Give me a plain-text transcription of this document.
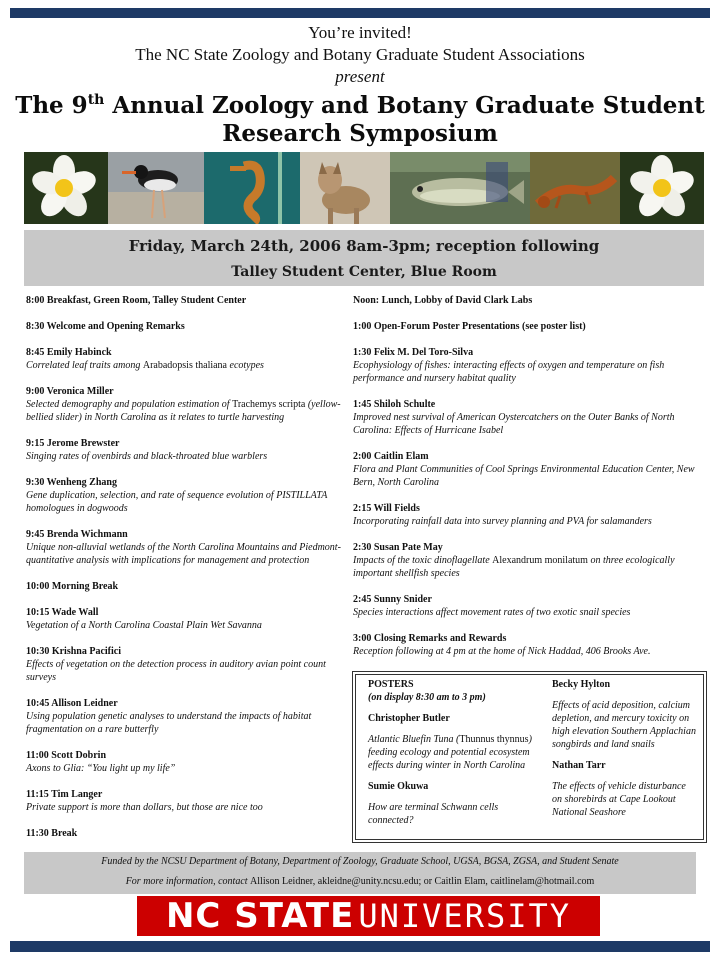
You’re invited!
The NC State Zoology and Botany Graduate Student Associations
present
The 9th Annual Zoology and Botany Graduate Student
Research Symposium
Friday, March 24th, 2006 8am-3pm; reception following
Talley Student Center, Blue Room
8:00 Breakfast, Green Room, Talley Student Center
8:30 Welcome and Opening Remarks
8:45 Emily Habinck
Correlated leaf traits among Arabadopsis thaliana ecotypes
9:00 Veronica Miller
Selected demography and population estimation of Trachemys scripta (yellow-bellied slider) in North Carolina as it relates to turtle harvesting
9:15 Jerome Brewster
Singing rates of ovenbirds and black-throated blue warblers
9:30 Wenheng Zhang
Gene duplication, selection, and rate of sequence evolution of PISTILLATA homologues in dogwoods
9:45 Brenda Wichmann
Unique non-alluvial wetlands of the North Carolina Mountains and Piedmont-quantitative analysis with implications for management and protection
10:00 Morning Break
10:15 Wade Wall
Vegetation of a North Carolina Coastal Plain Wet Savanna
10:30 Krishna Pacifici
Effects of vegetation on the detection process in auditory avian point count surveys
10:45 Allison Leidner
Using population genetic analyses to understand the impacts of habitat fragmentation on a rare butterfly
11:00 Scott Dobrin
Axons to Glia: “You light up my life”
11:15 Tim Langer
Private support is more than dollars, but those are nice too
11:30 Break
Noon: Lunch, Lobby of David Clark Labs
1:00 Open-Forum Poster Presentations (see poster list)
1:30 Felix M. Del Toro-Silva
Ecophysiology of fishes: interacting effects of oxygen and temperature on fish performance and nursery habitat quality
1:45 Shiloh Schulte
Improved nest survival of American Oystercatchers on the Outer Banks of North Carolina: Effects of Hurricane Isabel
2:00 Caitlin Elam
Flora and Plant Communities of Cool Springs Environmental Education Center, New Bern, North Carolina
2:15 Will Fields
Incorporating rainfall data into survey planning and PVA for salamanders
2:30 Susan Pate May
Impacts of the toxic dinoflagellate Alexandrum monilatum on three ecologically important shellfish species
2:45 Sunny Snider
Species interactions affect movement rates of two exotic snail species
3:00 Closing Remarks and Rewards
Reception following at 4 pm at the home of Nick Haddad, 406 Brooks Ave.
POSTERS
(on display 8:30 am to 3 pm)
Christopher Butler
Atlantic Bluefin Tuna (Thunnus thynnus) feeding ecology and potential ecosystem effects during winter in North Carolina
Sumie Okuwa
How are terminal Schwann cells connected?
Becky Hylton
Effects of acid deposition, calcium depletion, and mercury toxicity on high elevation Southern Applachian songbirds and land snails
Nathan Tarr
The effects of vehicle disturbance on shorebirds at Cape Lookout National Seashore
Funded by the NCSU Department of Botany, Department of Zoology, Graduate School, UGSA, BGSA, ZGSA, and Student Senate
For more information, contact Allison Leidner, akleidne@unity.ncsu.edu; or Caitlin Elam, caitlinelam@hotmail.com
NC STATE UNIVERSITY
